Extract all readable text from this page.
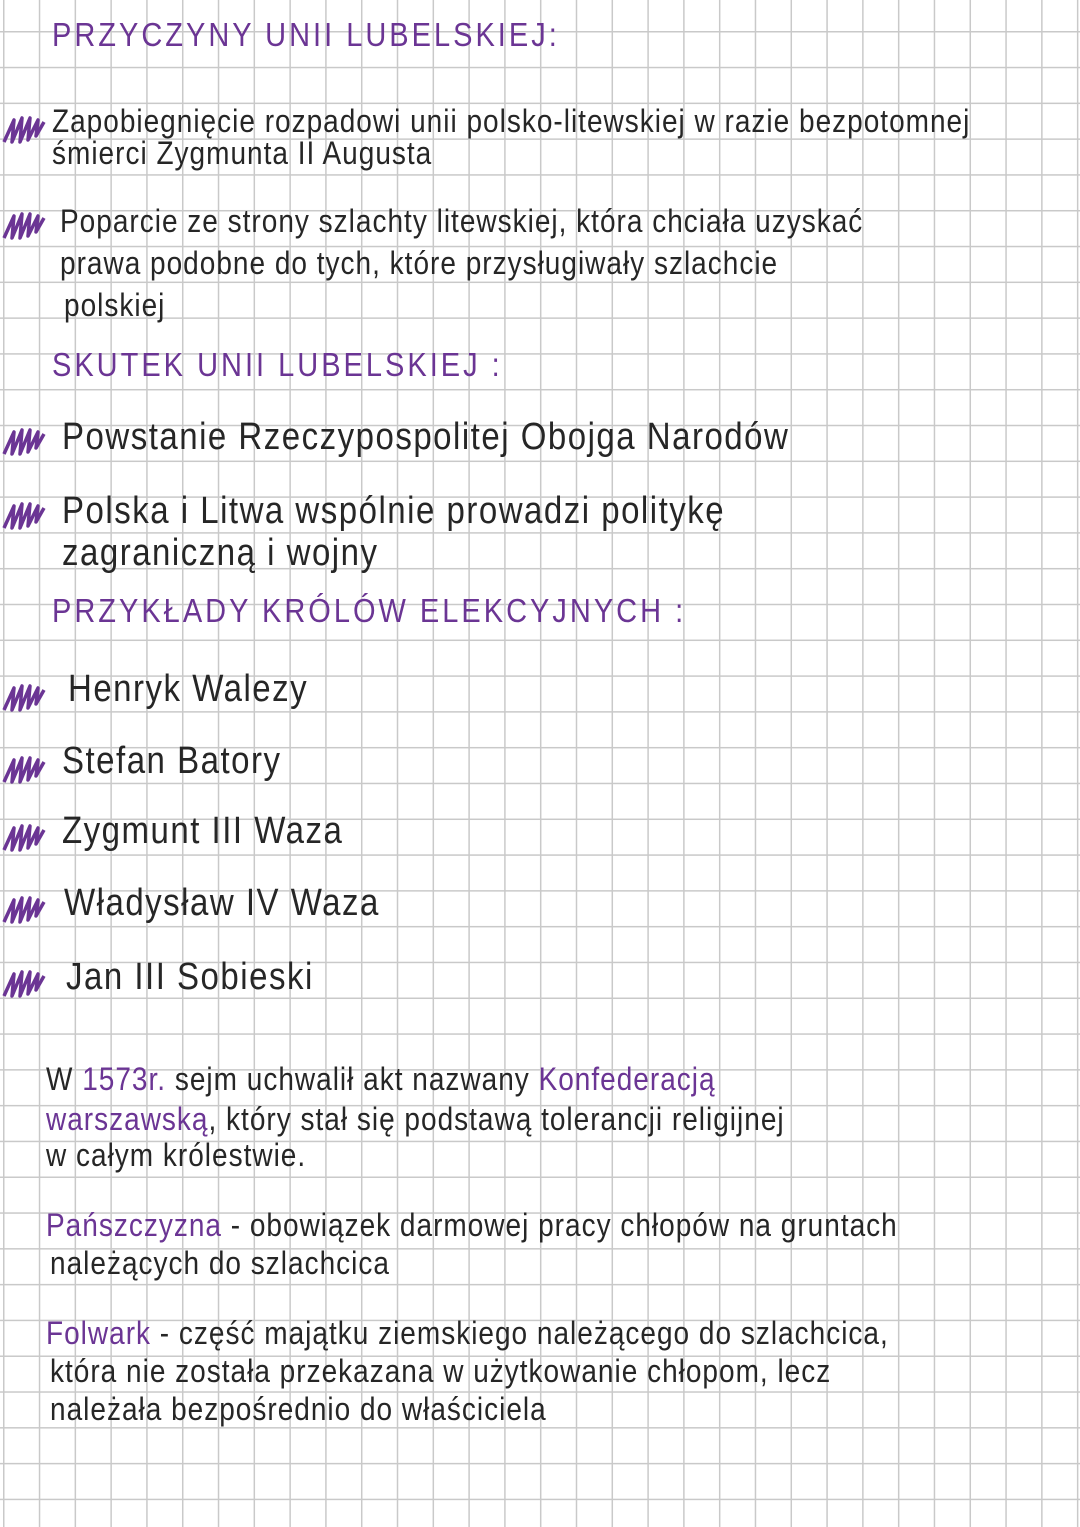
PRZYCZYNY UNII LUBELSKIEJ:
Zapobiegnięcie rozpadowi unii polsko-litewskiej w razie bezpotomnej
śmierci Zygmunta II Augusta
Poparcie ze strony szlachty litewskiej, która chciała uzyskać
prawa podobne do tych, które przysługiwały szlachcie
polskiej
SKUTEK UNII LUBELSKIEJ :
Powstanie Rzeczypospolitej Obojga Narodów
Polska i Litwa wspólnie prowadzi politykę
zagraniczną i wojny
PRZYKŁADY KRÓLÓW ELEKCYJNYCH :
Henryk Walezy
Stefan Batory
Zygmunt III Waza
Władysław IV Waza
Jan III Sobieski
W 1573r. sejm uchwalił akt nazwany Konfederacją
warszawską, który stał się podstawą tolerancji religijnej
w całym królestwie.
Pańszczyzna - obowiązek darmowej pracy chłopów na gruntach
należących do szlachcica
Folwark - część majątku ziemskiego należącego do szlachcica,
która nie została przekazana w użytkowanie chłopom, lecz
należała bezpośrednio do właściciela
